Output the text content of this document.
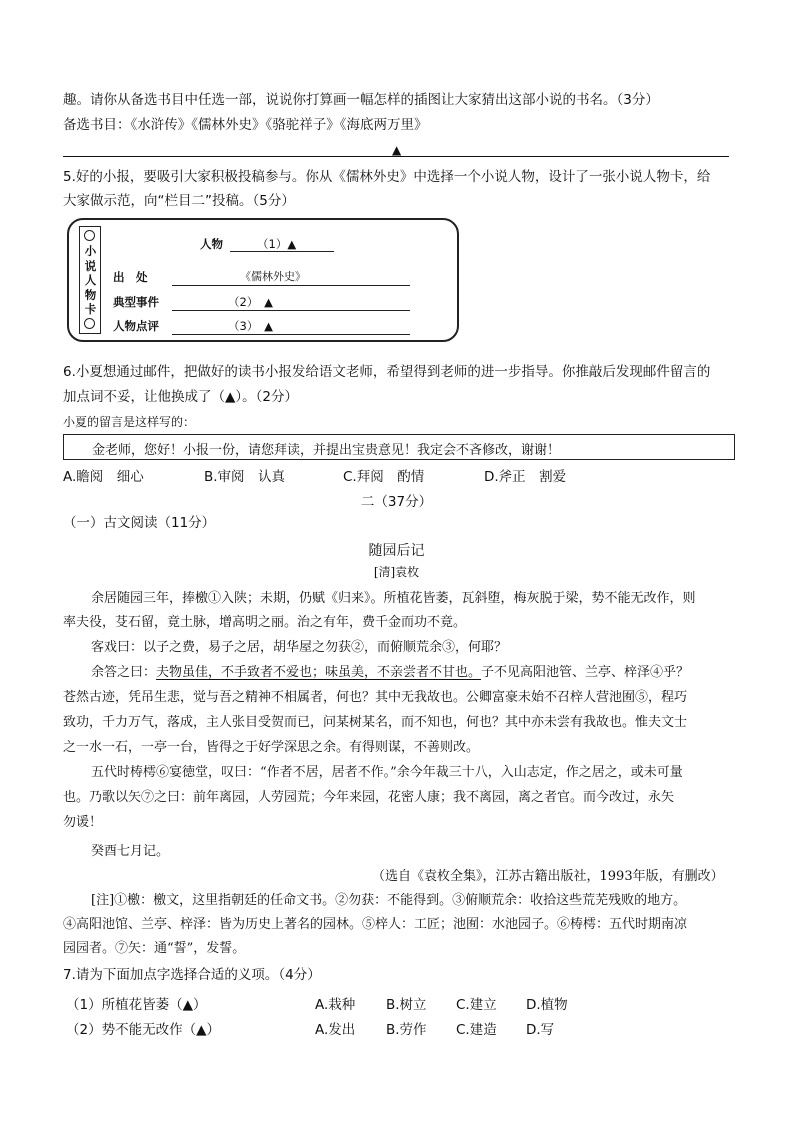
趣。请你从备选书目中任选一部，说说你打算画一幅怎样的插图让大家猜出这部小说的书名。（3分）
备选书目：《水浒传》《儒林外史》《骆驼祥子》《海底两万里》
▲
5.好的小报，要吸引大家积极投稿参与。你从《儒林外史》中选择一个小说人物，设计了一张小说人物卡，给
大家做示范，向“栏目二”投稿。（5分）
小说人物卡
人物	（1）▲
出　处	《儒林外史》
典型事件	（2）　▲
人物点评	（3）　▲
6.小夏想通过邮件，把做好的读书小报发给语文老师，希望得到老师的进一步指导。你推敲后发现邮件留言的
加点词不妥，让他换成了（▲）。（2分）
小夏的留言是这样写的：
金老师，您好！小报一份，请您拜读，并提出宝贵意见！我定会不吝修改，谢谢！
A.瞻阅　细心	B.审阅　认真	C.拜阅　酌情	D.斧正　割爱
二（37分）
（一）古文阅读（11分）
随园后记
[清]袁枚
余居随园三年，捧檄①入陕；未期，仍赋《归来》。所植花皆萎，瓦斜堕，梅灰脱于梁，势不能无改作，则
率夫役，芟石留，竟土脉，增高明之丽。治之有年，费千金而功不竟。
客戏曰：以子之费，易子之居，胡华屋之勿获②，而俯顺荒余③，何耶？
余答之曰：夫物虽佳，不手致者不爱也；味虽美，不亲尝者不甘也。子不见高阳池管、兰亭、梓泽④乎？
苍然古迹，凭吊生悲，觉与吾之精神不相属者，何也？其中无我故也。公卿富豪未始不召梓人营池囿⑤，程巧
致功，千力万气，落成，主人张目受贺而已，问某树某名，而不知也，何也？其中亦未尝有我故也。惟夫文士
之一水一石，一亭一台，皆得之于好学深思之余。有得则谋，不善则改。
五代时梼樗⑥宴徳堂，叹曰：“作者不居，居者不作。”余今年裁三十八，入山志定，作之居之，或未可量
也。乃歌以矢⑦之曰：前年离园，人劳园荒；今年来园，花密人康；我不离园，离之者官。而今改过，永矢
勿谖！
癸酉七月记。
（选自《袁枚全集》，江苏古籍出版社，1993年版，有删改）
[注]①檄：檄文，这里指朝廷的任命文书。②勿获：不能得到。③俯顺荒余：收拾这些荒芜残败的地方。
④高阳池馆、兰亭、梓泽：皆为历史上著名的园林。⑤梓人：工匠；池囿：水池园子。⑥梼樗：五代时期南凉
园园者。⑦矢：通“誓”，发誓。
7.请为下面加点字选择合适的义项。（4分）
（1）所植花皆萎（▲）	A.栽种 B.树立 C.建立 D.植物
（2）势不能无改作（▲）	A.发出 B.劳作 C.建造 D.写
